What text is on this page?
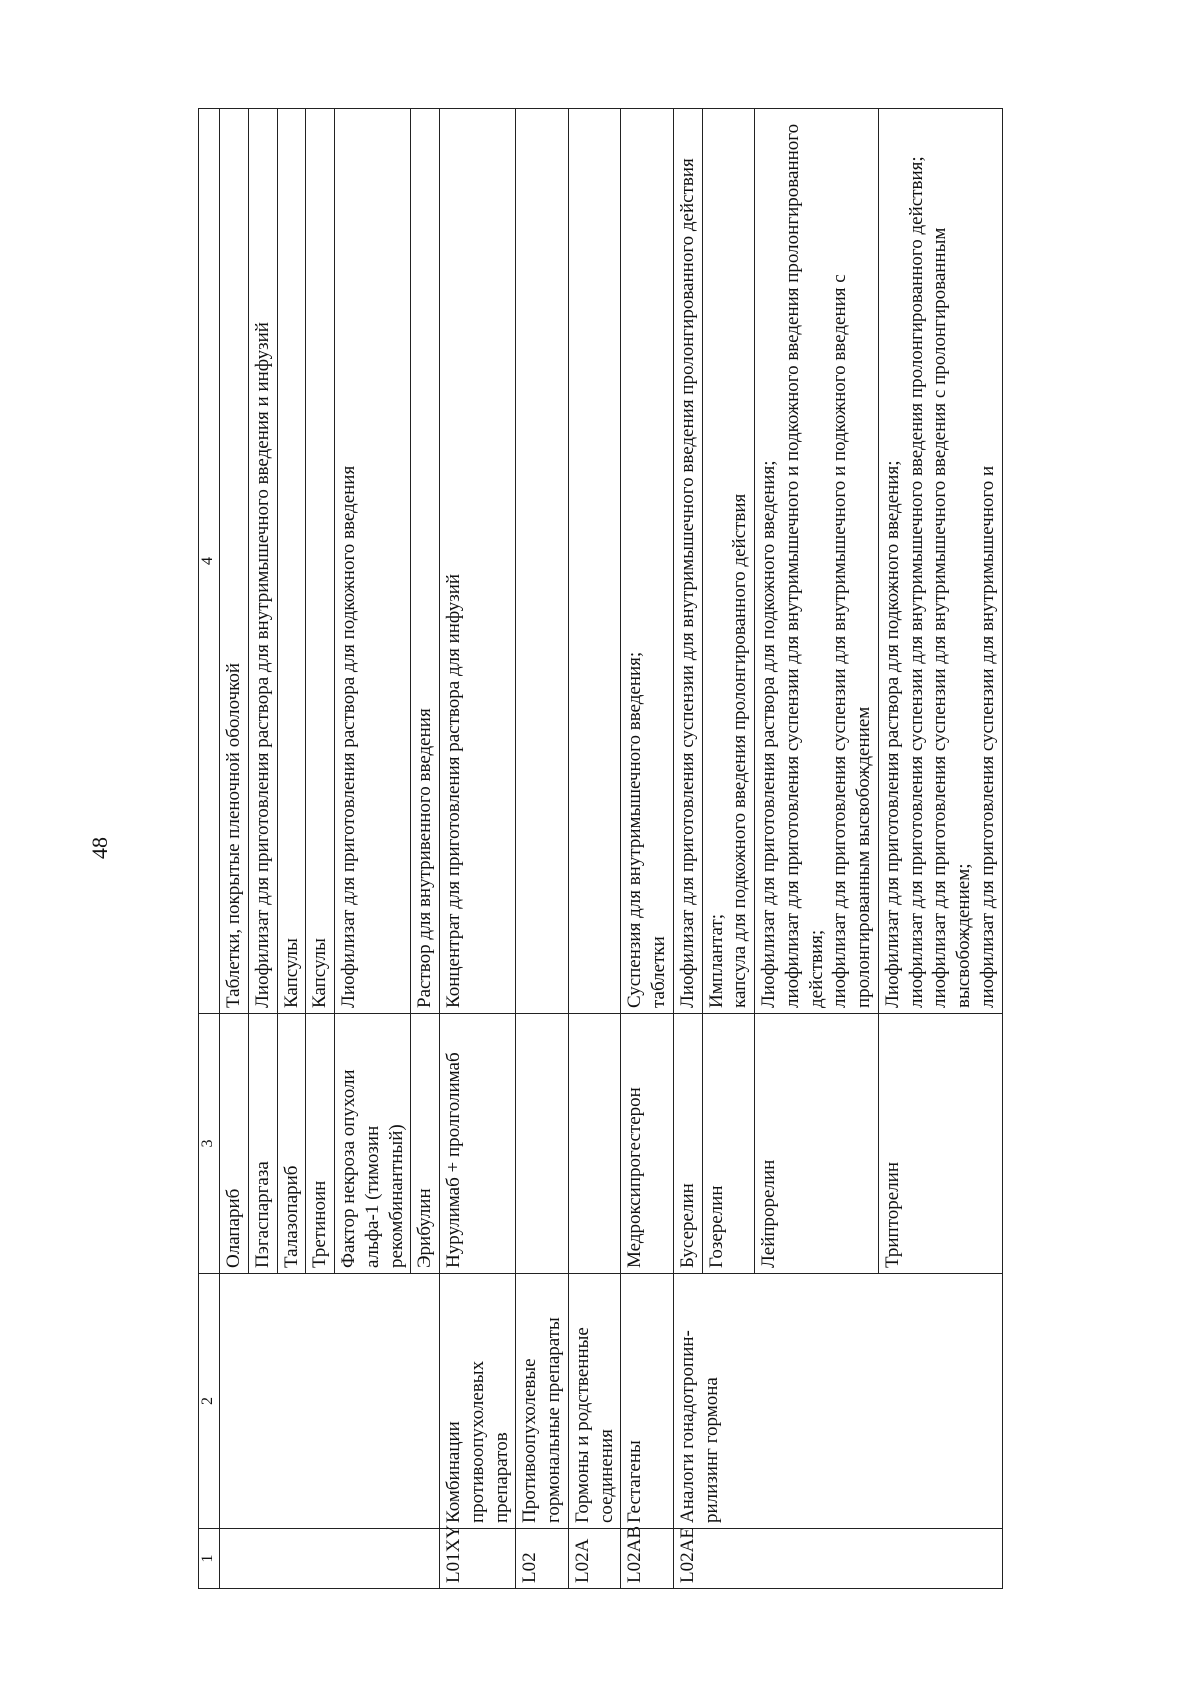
48
1	2	3	4
		Олапариб	Таблетки, покрытые пленочной оболочкой

		Пэгаспаргаза	Лиофилизат для приготовления раствора для внутримышечного введения и инфузий

		Талазопариб	Капсулы

		Третиноин	Капсулы

		Фактор некроза опухоли альфа-1 (тимозин рекомбинантный)	Лиофилизат для приготовления раствора для подкожного введения

		Эрибулин	Раствор для внутривенного введения

L01XY	Комбинации противоопухолевых препаратов	Нурулимаб + пролголимаб	Концентрат для приготовления раствора для инфузий

L02	Противоопухолевые гормональные препараты		

L02A	Гормоны и родственные соединения		

L02AB	Гестагены	Медроксипрогестерон	Суспензия для внутримышечного введения; таблетки

L02AE	Аналоги гонадотропин-рилизинг гормона	Бусерелин	Лиофилизат для приготовления суспензии для внутримышечного введения пролонгированного действия

		Гозерелин	Имплантат; капсула для подкожного введения пролонгированного действия

		Лейпрорелин	Лиофилизат для приготовления раствора для подкожного введения; лиофилизат для приготовления суспензии для внутримышечного и подкожного введения пролонгированного действия; лиофилизат для приготовления суспензии для внутримышечного и подкожного введения с пролонгированным высвобождением

		Трипторелин	Лиофилизат для приготовления раствора для подкожного введения; лиофилизат для приготовления суспензии для внутримышечного введения пролонгированного действия; лиофилизат для приготовления суспензии для внутримышечного введения с пролонгированным высвобождением; лиофилизат для приготовления суспензии для внутримышечного и
